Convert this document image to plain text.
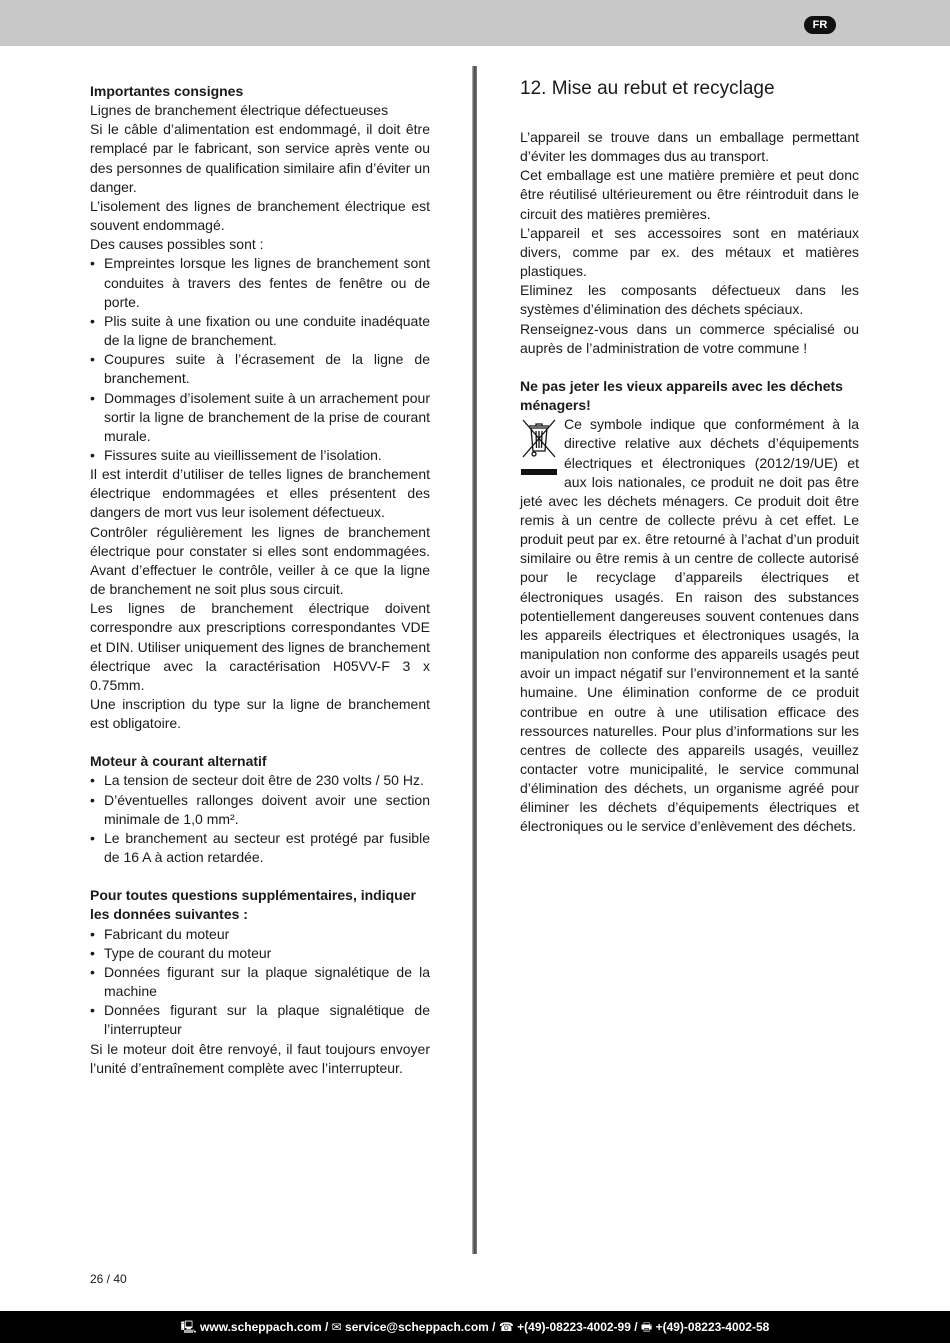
FR

Importantes consignes

Lignes de branchement électrique défectueuses

Si le câble d’alimentation est endommagé, il doit être remplacé par le fabricant, son service après vente ou des personnes de qualification similaire afin d’éviter un danger.

L’isolement des lignes de branchement électrique est souvent endommagé.

Des causes possibles sont :

• Empreintes lorsque les lignes de branchement sont conduites à travers des fentes de fenêtre ou de porte.
• Plis suite à une fixation ou une conduite inadéquate de la ligne de branchement.
• Coupures suite à l’écrasement de la ligne de branchement.
• Dommages d’isolement suite à un arrachement pour sortir la ligne de branchement de la prise de courant murale.
• Fissures suite au vieillissement de l’isolation.

Il est interdit d’utiliser de telles lignes de branchement électrique endommagées et elles présentent des dangers de mort vus leur isolement défectueux.

Contrôler régulièrement les lignes de branchement électrique pour constater si elles sont endommagées. Avant d’effectuer le contrôle, veiller à ce que la ligne de branchement ne soit plus sous circuit.

Les lignes de branchement électrique doivent correspondre aux prescriptions correspondantes VDE et DIN. Utiliser uniquement des lignes de branchement électrique avec la caractérisation H05VV-F 3 x 0.75mm.

Une inscription du type sur la ligne de branchement est obligatoire.

Moteur à courant alternatif

• La tension de secteur doit être de 230 volts / 50 Hz.
• D’éventuelles rallonges doivent avoir une section minimale de 1,0 mm².
• Le branchement au secteur est protégé par fusible de 16 A à action retardée.

Pour toutes questions supplémentaires, indiquer les données suivantes :

• Fabricant du moteur
• Type de courant du moteur
• Données figurant sur la plaque signalétique de la machine
• Données figurant sur la plaque signalétique de l’interrupteur

Si le moteur doit être renvoyé, il faut toujours envoyer l’unité d’entraînement complète avec l’interrupteur.

12. Mise au rebut et recyclage

L’appareil se trouve dans un emballage permettant d’éviter les dommages dus au transport.

Cet emballage est une matière première et peut donc être réutilisé ultérieurement ou être réintroduit dans le circuit des matières premières.

L’appareil et ses accessoires sont en matériaux divers, comme par ex. des métaux et matières plastiques.

Eliminez les composants défectueux dans les systèmes d’élimination des déchets spéciaux.

Renseignez-vous dans un commerce spécialisé ou auprès de l’administration de votre commune !

Ne pas jeter les vieux appareils avec les déchets ménagers!

Ce symbole indique que conformément à la directive relative aux déchets d’équipements électriques et électroniques (2012/19/UE) et aux lois nationales, ce produit ne doit pas être jeté avec les déchets ménagers. Ce produit doit être remis à un centre de collecte prévu à cet effet. Le produit peut par ex. être retourné à l’achat d’un produit similaire ou être remis à un centre de collecte autorisé pour le recyclage d’appareils électriques et électroniques usagés. En raison des substances potentiellement dangereuses souvent contenues dans les appareils électriques et électroniques usagés, la manipulation non conforme des appareils usagés peut avoir un impact négatif sur l’environnement et la santé humaine. Une élimination conforme de ce produit contribue en outre à une utilisation efficace des ressources naturelles. Pour plus d’informations sur les centres de collecte des appareils usagés, veuillez contacter votre municipalité, le service communal d’élimination des déchets, un organisme agréé pour éliminer les déchets d’équipements électriques et électroniques ou le service d’enlèvement des déchets.

26 / 40
🖳 www.scheppach.com / ✉ service@scheppach.com / ☎ +(49)-08223-4002-99 / 🖶 +(49)-08223-4002-58
